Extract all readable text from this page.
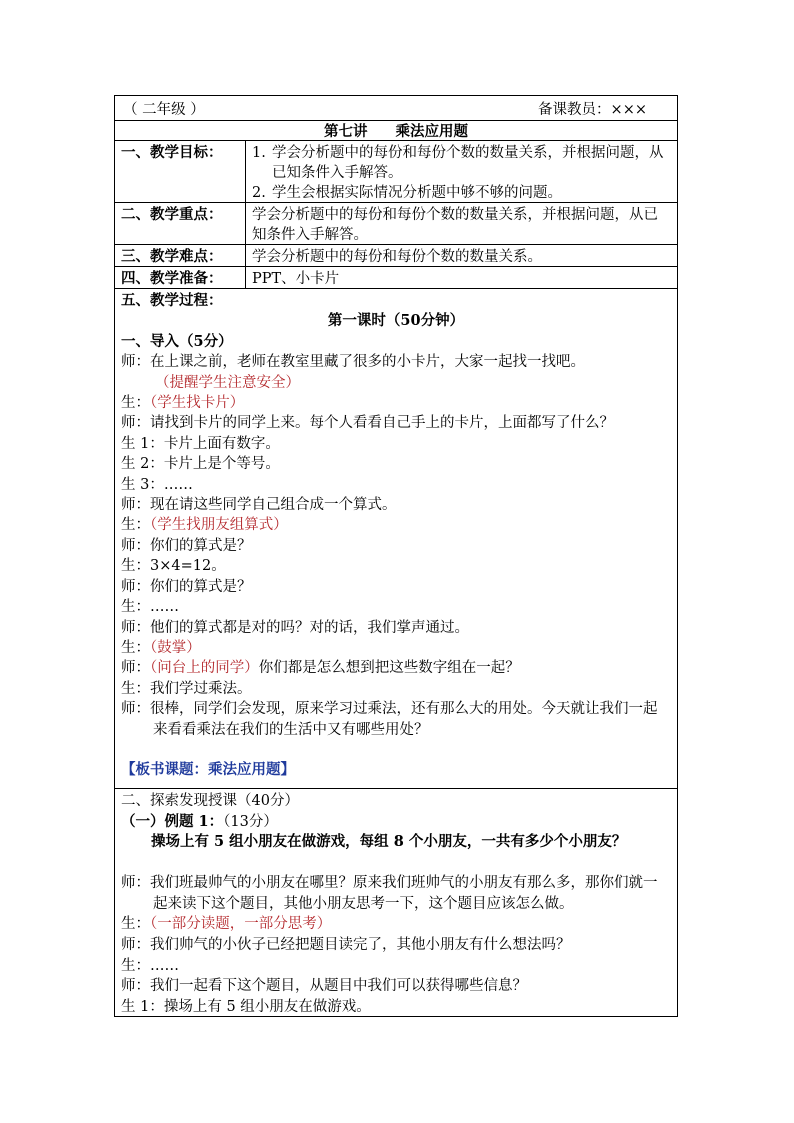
（ 二年级 ）	备课教员：×××
第七讲 乘法应用题
一、教学目标：	1. 学会分析题中的每份和每份个数的数量关系，并根据问题，从已知条件入手解答。
2. 学生会根据实际情况分析题中够不够的问题。
二、教学重点：	学会分析题中的每份和每份个数的数量关系，并根据问题，从已知条件入手解答。
三、教学难点：	学会分析题中的每份和每份个数的数量关系。
四、教学准备：	PPT、小卡片

五、教学过程：

第一课时（50分钟）

一、导入（5分）

师：在上课之前，老师在教室里藏了很多的小卡片，大家一起找一找吧。

（提醒学生注意安全）

生：（学生找卡片）

师：请找到卡片的同学上来。每个人看看自己手上的卡片，上面都写了什么？

生 1：卡片上面有数字。

生 2：卡片上是个等号。

生 3：……

师：现在请这些同学自己组合成一个算式。

生：（学生找朋友组算式）

师：你们的算式是？

生：3×4=12。

师：你们的算式是？

生：……

师：他们的算式都是对的吗？对的话，我们掌声通过。

生：（鼓掌）

师：（问台上的同学）你们都是怎么想到把这些数字组在一起？

生：我们学过乘法。

师：很棒，同学们会发现，原来学习过乘法，还有那么大的用处。今天就让我们一起来看看乘法在我们的生活中又有哪些用处？

【板书课题：乘法应用题】

二、探索发现授课（40分）

（一）例题 1：（13分）

操场上有 5 组小朋友在做游戏，每组 8 个小朋友，一共有多少个小朋友？

师：我们班最帅气的小朋友在哪里？原来我们班帅气的小朋友有那么多，那你们就一起来读下这个题目，其他小朋友思考一下，这个题目应该怎么做。

生：（一部分读题，一部分思考）

师：我们帅气的小伙子已经把题目读完了，其他小朋友有什么想法吗？

生：……

师：我们一起看下这个题目，从题目中我们可以获得哪些信息？

生 1：操场上有 5 组小朋友在做游戏。
